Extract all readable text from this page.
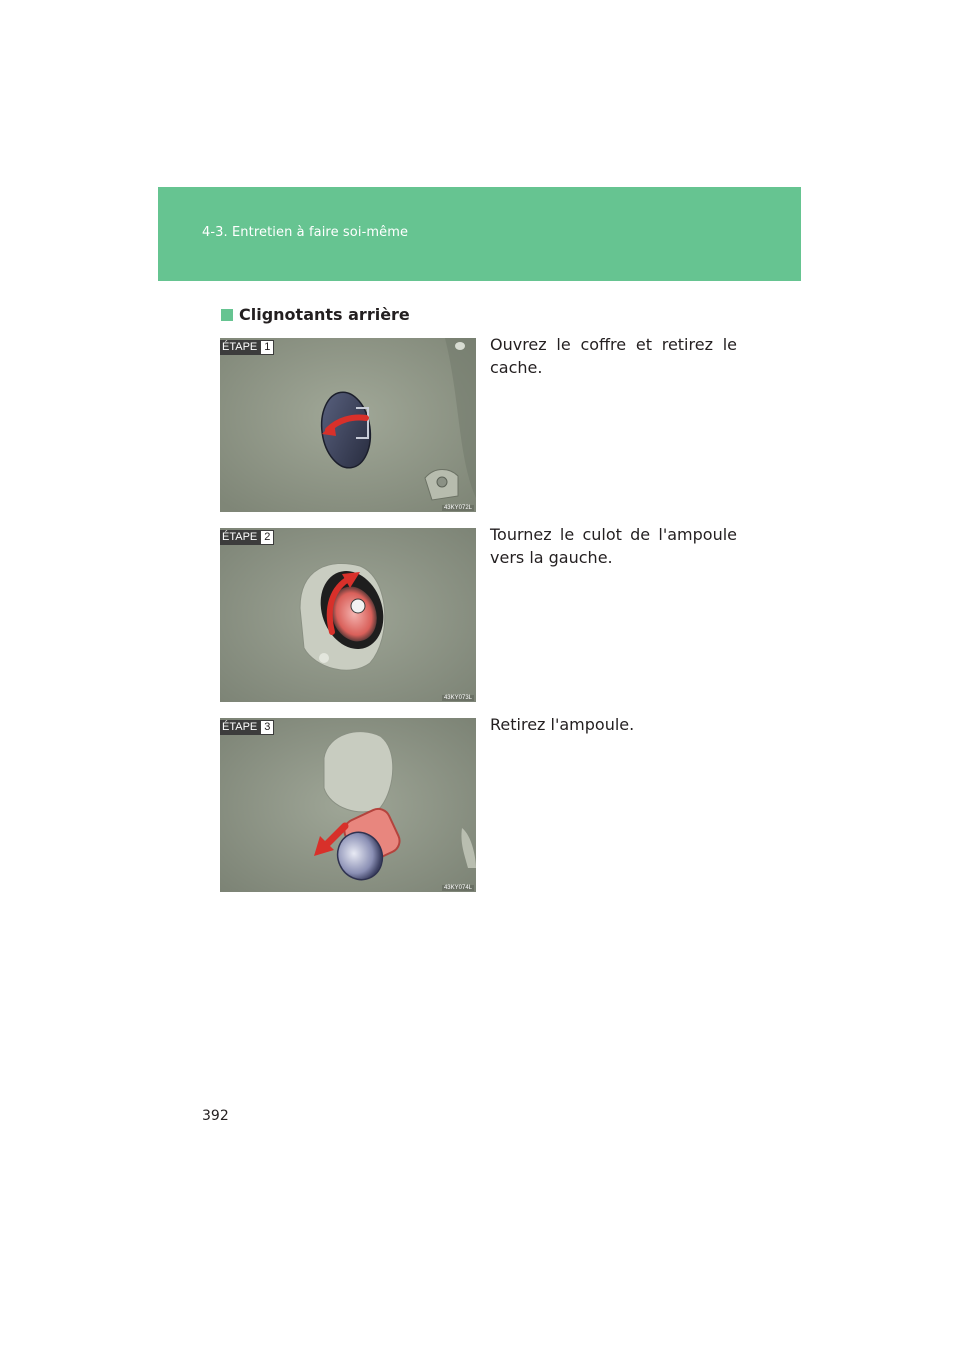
4-3. Entretien à faire soi-même
Clignotants arrière
ÉTAPE 1
43KY072L
Ouvrez le coffre et retirez le cache.
ÉTAPE 2
43KY073L
Tournez le culot de l'ampoule vers la gauche.
ÉTAPE 3
43KY074L
Retirez l'ampoule.
392
